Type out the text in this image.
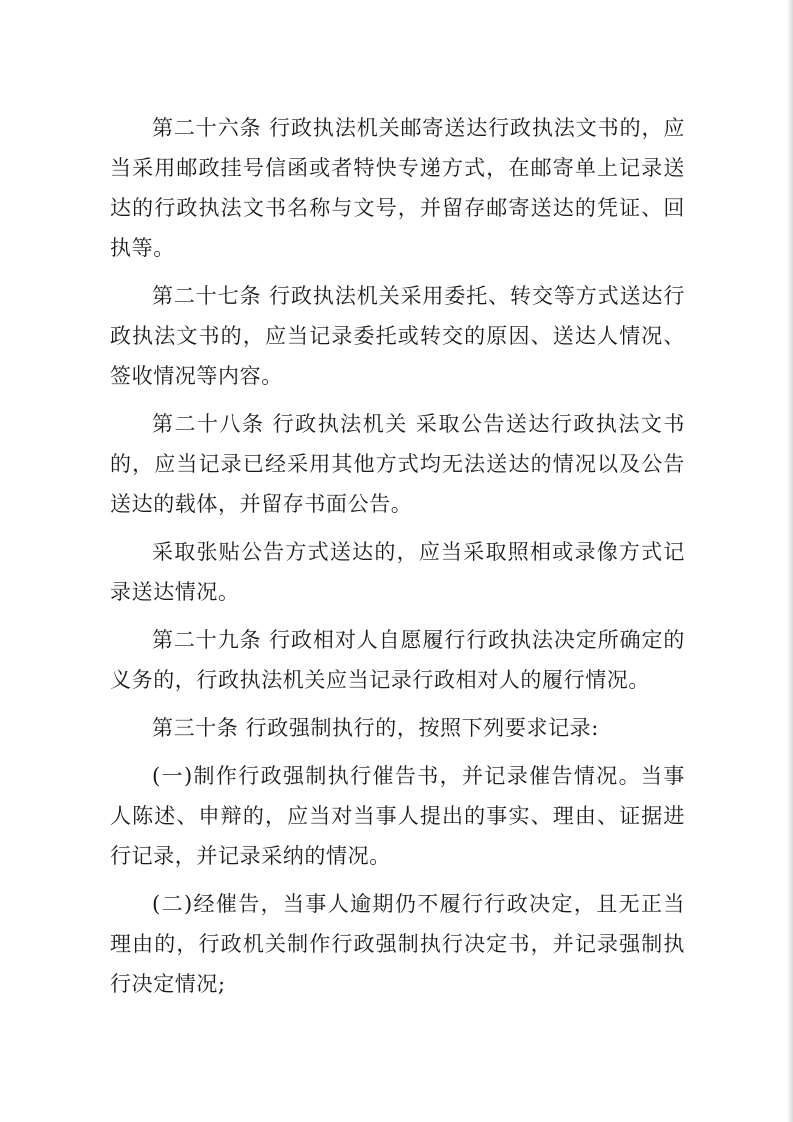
第二十六条 行政执法机关邮寄送达行政执法文书的，应当采用邮政挂号信函或者特快专递方式，在邮寄单上记录送达的行政执法文书名称与文号，并留存邮寄送达的凭证、回执等。

第二十七条 行政执法机关采用委托、转交等方式送达行政执法文书的，应当记录委托或转交的原因、送达人情况、签收情况等内容。

第二十八条 行政执法机关 采取公告送达行政执法文书的，应当记录已经采用其他方式均无法送达的情况以及公告送达的载体，并留存书面公告。

采取张贴公告方式送达的，应当采取照相或录像方式记录送达情况。

第二十九条 行政相对人自愿履行行政执法决定所确定的义务的，行政执法机关应当记录行政相对人的履行情况。

第三十条 行政强制执行的，按照下列要求记录:

(一)制作行政强制执行催告书，并记录催告情况。当事人陈述、申辩的，应当对当事人提出的事实、理由、证据进行记录，并记录采纳的情况。

(二)经催告，当事人逾期仍不履行行政决定，且无正当理由的，行政机关制作行政强制执行决定书，并记录强制执行决定情况;
